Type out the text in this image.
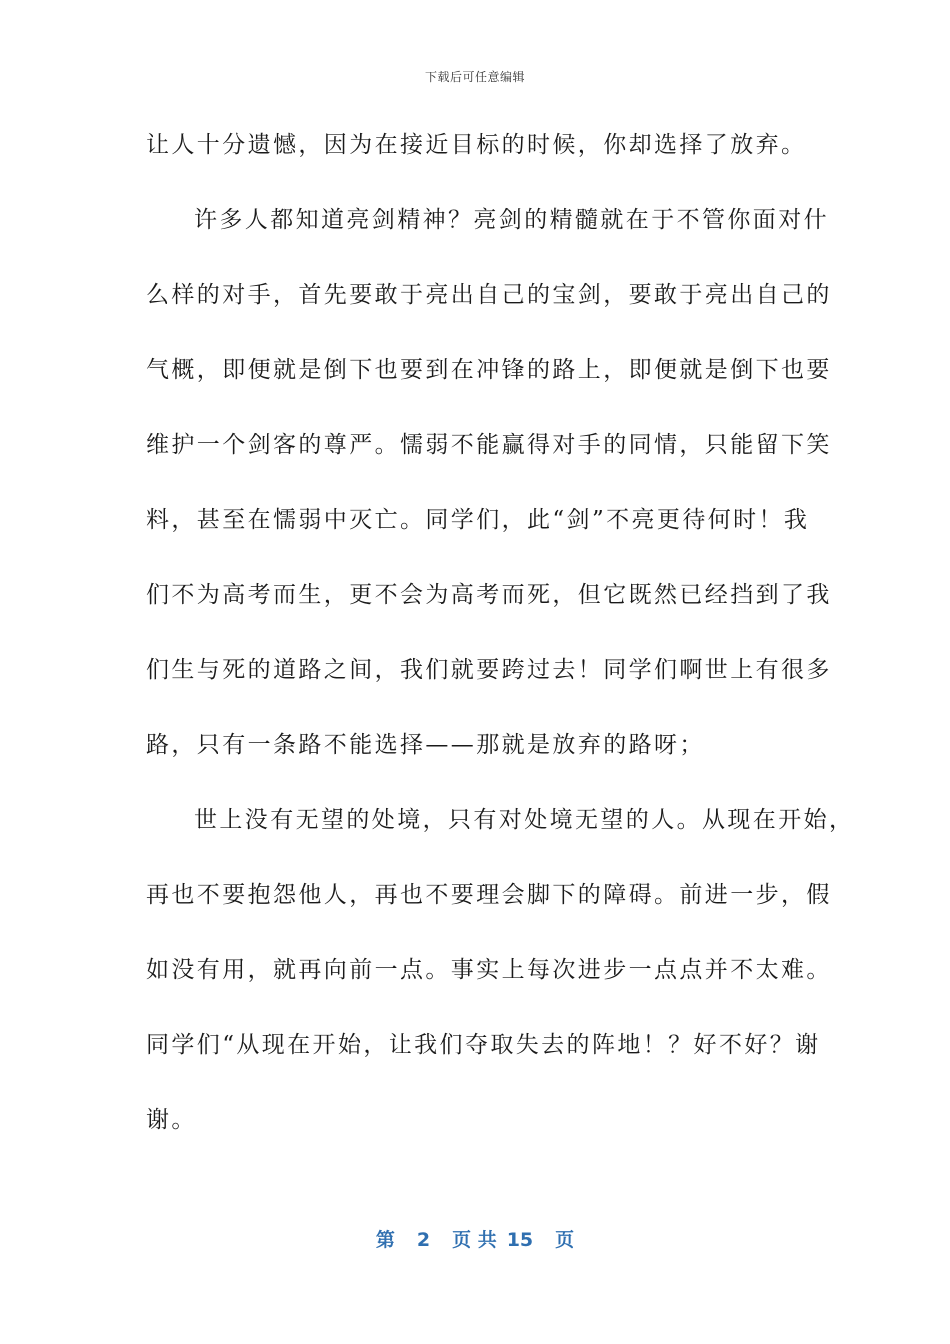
下载后可任意编辑
让人十分遗憾，因为在接近目标的时候，你却选择了放弃。
许多人都知道亮剑精神？亮剑的精髓就在于不管你面对什
么样的对手，首先要敢于亮出自己的宝剑，要敢于亮出自己的
气概，即便就是倒下也要到在冲锋的路上，即便就是倒下也要
维护一个剑客的尊严。懦弱不能赢得对手的同情，只能留下笑
料，甚至在懦弱中灭亡。同学们，此“剑”不亮更待何时！我
们不为高考而生，更不会为高考而死，但它既然已经挡到了我
们生与死的道路之间，我们就要跨过去！同学们啊世上有很多
路，只有一条路不能选择——那就是放弃的路呀；
世上没有无望的处境，只有对处境无望的人。从现在开始，
再也不要抱怨他人，再也不要理会脚下的障碍。前进一步，假
如没有用，就再向前一点。事实上每次进步一点点并不太难。
同学们“从现在开始，让我们夺取失去的阵地！？好不好？谢
谢。
第 2 页 共 15 页
